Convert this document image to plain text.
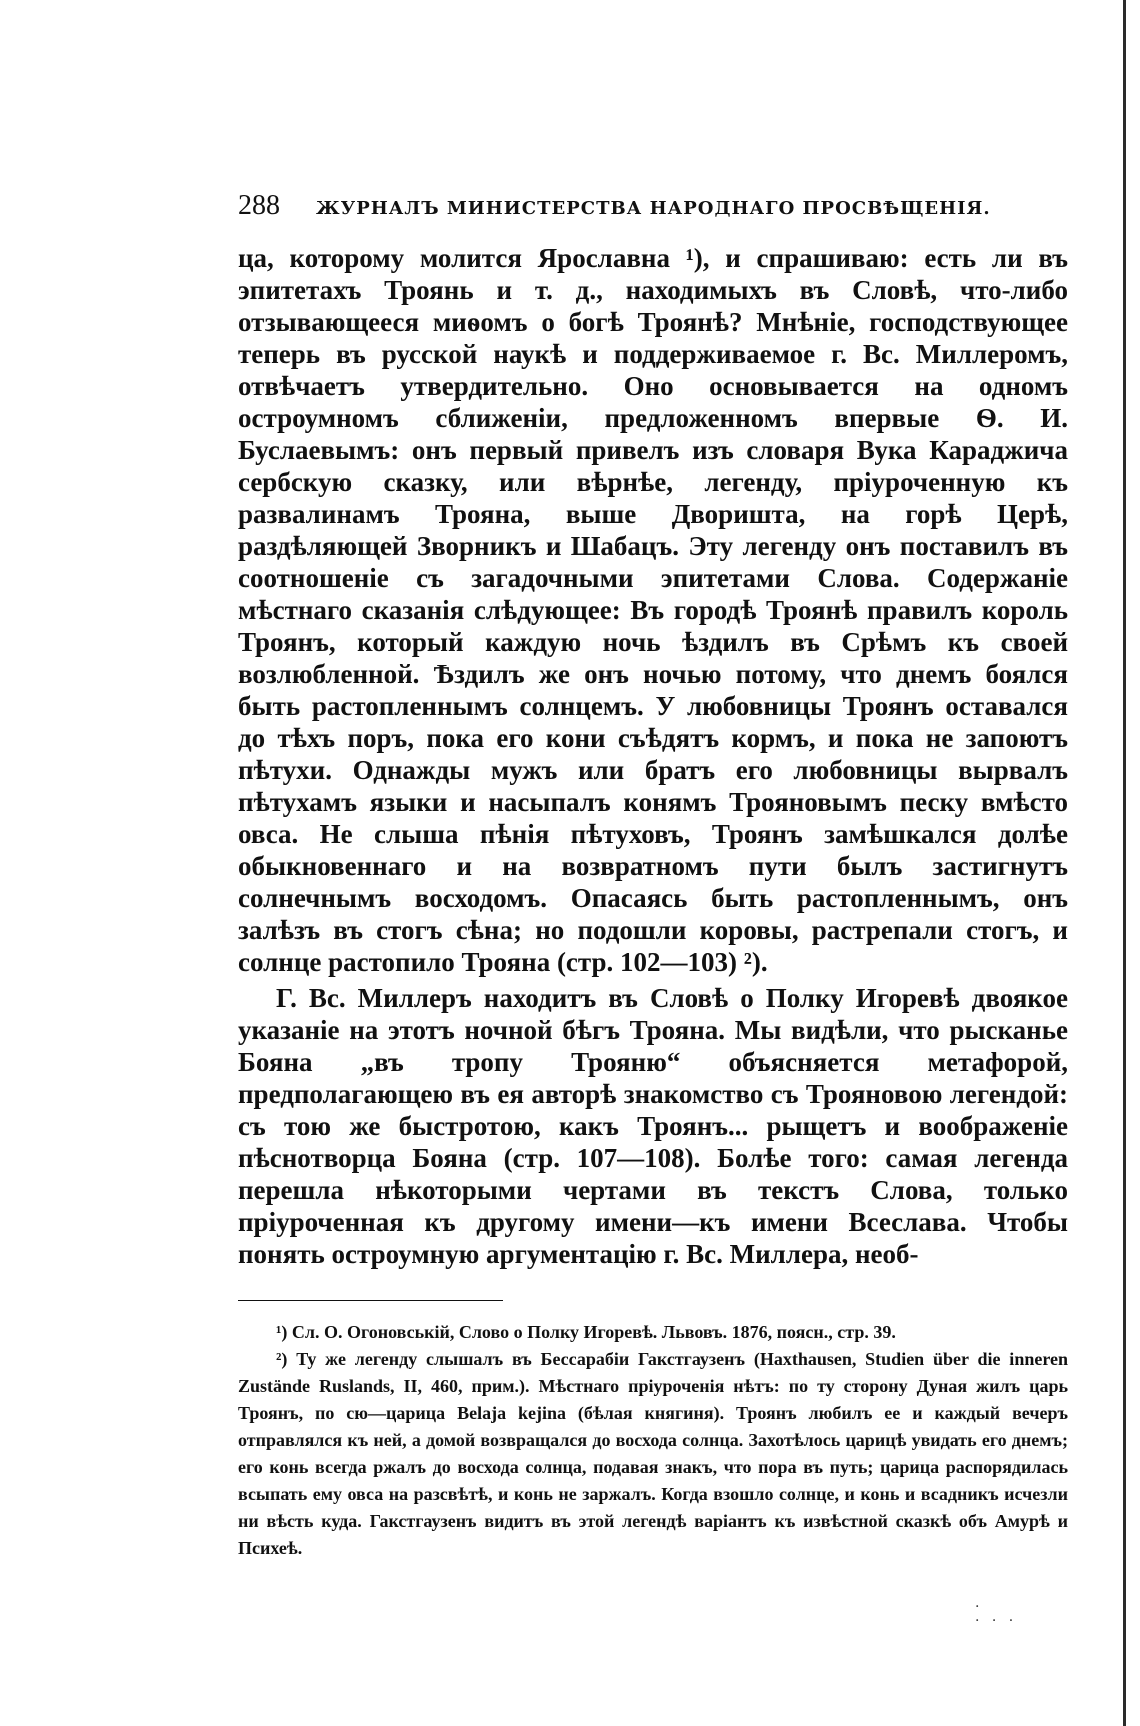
288 ЖУРНАЛЪ МИНИСТЕРСТВА НАРОДНАГО ПРОСВѢЩЕНІЯ.

ца, которому молится Ярославна ¹), и спрашиваю: есть ли въ эпитетахъ Троянь и т. д., находимыхъ въ Словѣ, что-либо отзывающееся миѳомъ о богѣ Троянѣ? Мнѣніе, господствующее теперь въ русской наукѣ и поддерживаемое г. Вс. Миллеромъ, отвѣчаетъ утвердительно. Оно основывается на одномъ остроумномъ сближеніи, предложенномъ впервые Ѳ. И. Буслаевымъ: онъ первый привелъ изъ словаря Вука Караджича сербскую сказку, или вѣрнѣе, легенду, пріуроченную къ развалинамъ Трояна, выше Дворишта, на горѣ Церѣ, раздѣляющей Зворникъ и Шабацъ. Эту легенду онъ поставилъ въ соотношеніе съ загадочными эпитетами Слова. Содержаніе мѣстнаго сказанія слѣдующее: Въ городѣ Троянѣ правилъ король Троянъ, который каждую ночь ѣздилъ въ Срѣмъ къ своей возлюбленной. Ѣздилъ же онъ ночью потому, что днемъ боялся быть растопленнымъ солнцемъ. У любовницы Троянъ оставался до тѣхъ поръ, пока его кони съѣдятъ кормъ, и пока не запоютъ пѣтухи. Однажды мужъ или братъ его любовницы вырвалъ пѣтухамъ языки и насыпалъ конямъ Трояновымъ песку вмѣсто овса. Не слыша пѣнія пѣтуховъ, Троянъ замѣшкался долѣе обыкновеннаго и на возвратномъ пути былъ застигнутъ солнечнымъ восходомъ. Опасаясь быть растопленнымъ, онъ залѣзъ въ стогъ сѣна; но подошли коровы, растрепали стогъ, и солнце растопило Трояна (стр. 102—103) ²).

Г. Вс. Миллеръ находитъ въ Словѣ о Полку Игоревѣ двоякое указаніе на этотъ ночной бѣгъ Трояна. Мы видѣли, что рысканье Бояна „въ тропу Трояню“ объясняется метафорой, предполагающею въ ея авторѣ знакомство съ Трояновою легендой: съ тою же быстротою, какъ Троянъ... рыщетъ и воображеніе пѣснотворца Бояна (стр. 107—108). Болѣе того: самая легенда перешла нѣкоторыми чертами въ текстъ Слова, только пріуроченная къ другому имени—къ имени Всеслава. Чтобы понять остроумную аргументацію г. Вс. Миллера, необ-

¹) Сл. О. Огоновській, Слово о Полку Игоревѣ. Львовъ. 1876, поясн., стр. 39.

²) Ту же легенду слышалъ въ Бессарабіи Гакстгаузенъ (Haxthausen, Studien über die inneren Zustände Ruslands, II, 460, прим.). Мѣстнаго пріуроченія нѣтъ: по ту сторону Дуная жилъ царь Троянъ, по сю—царица Belaja kejina (бѣлая княгиня). Троянъ любилъ ее и каждый вечеръ отправлялся къ ней, а домой возвращался до восхода солнца. Захотѣлось царицѣ увидать его днемъ; его конь всегда ржалъ до восхода солнца, подавая знакъ, что пора въ путь; царица распорядилась всыпать ему овса на разсвѣтѣ, и конь не заржалъ. Когда взошло солнце, и конь и всадникъ исчезли ни вѣсть куда. Гакстгаузенъ видитъ въ этой легендѣ варіантъ къ извѣстной сказкѣ объ Амурѣ и Психеѣ.

·
· · ·
